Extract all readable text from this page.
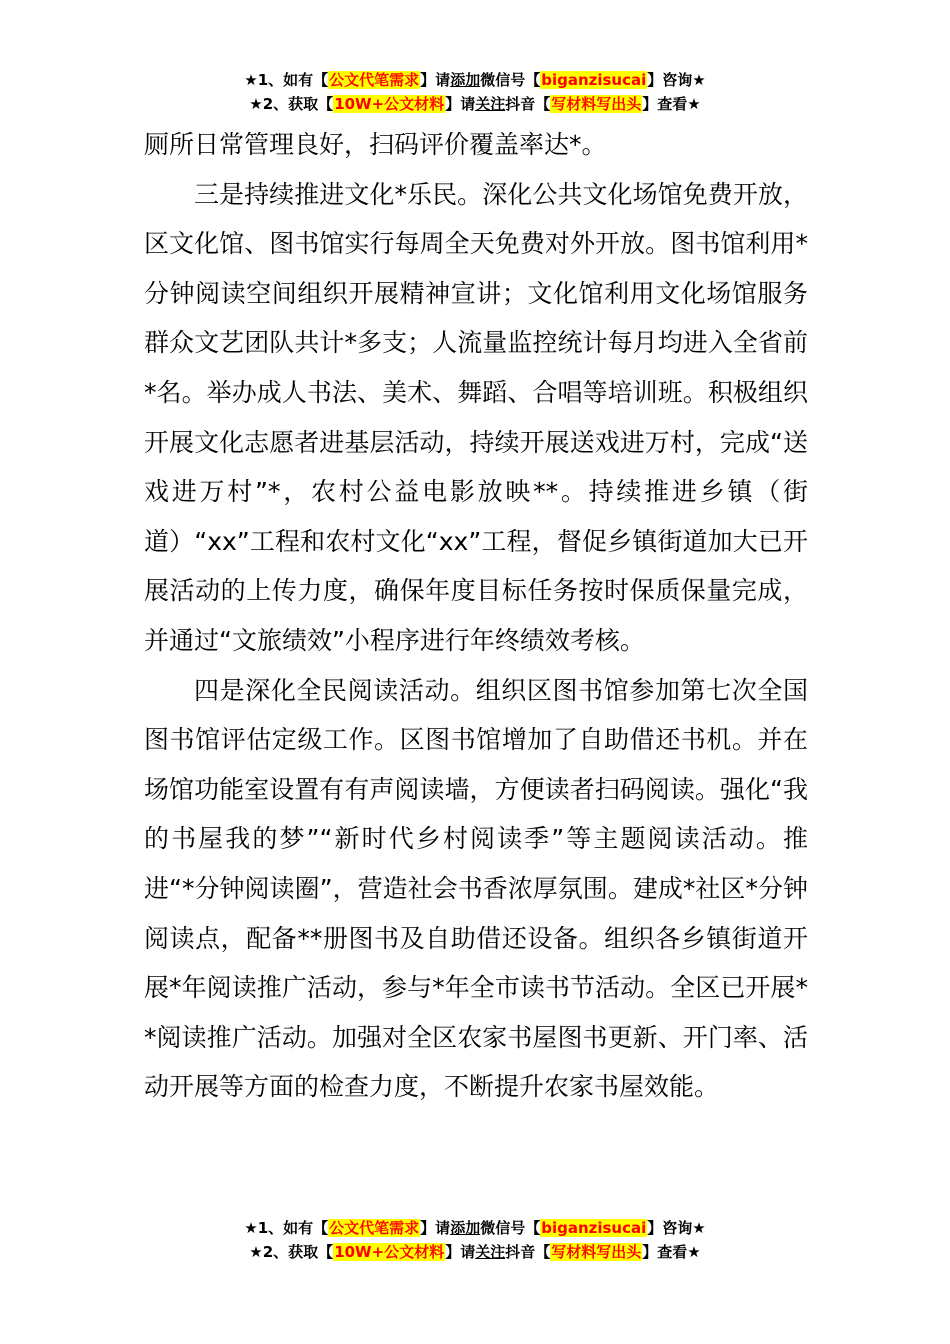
★1、如有【公文代笔需求】请添加微信号【biganzisucai】咨询★
★2、获取【10W+公文材料】请关注抖音【写材料写出头】查看★

厕所日常管理良好，扫码评价覆盖率达*。

三是持续推进文化*乐民。深化公共文化场馆免费开放，区文化馆、图书馆实行每周全天免费对外开放。图书馆利用*分钟阅读空间组织开展精神宣讲；文化馆利用文化场馆服务群众文艺团队共计*多支；人流量监控统计每月均进入全省前*名。举办成人书法、美术、舞蹈、合唱等培训班。积极组织开展文化志愿者进基层活动，持续开展送戏进万村，完成“送戏进万村”*，农村公益电影放映**。持续推进乡镇（街道）“xx”工程和农村文化“xx”工程，督促乡镇街道加大已开展活动的上传力度，确保年度目标任务按时保质保量完成，并通过“文旅绩效”小程序进行年终绩效考核。

四是深化全民阅读活动。组织区图书馆参加第七次全国图书馆评估定级工作。区图书馆增加了自助借还书机。并在场馆功能室设置有有声阅读墙，方便读者扫码阅读。强化“我的书屋我的梦”“新时代乡村阅读季”等主题阅读活动。推进“*分钟阅读圈”，营造社会书香浓厚氛围。建成*社区*分钟阅读点，配备**册图书及自助借还设备。组织各乡镇街道开展*年阅读推广活动，参与*年全市读书节活动。全区已开展**阅读推广活动。加强对全区农家书屋图书更新、开门率、活动开展等方面的检查力度，不断提升农家书屋效能。

★1、如有【公文代笔需求】请添加微信号【biganzisucai】咨询★
★2、获取【10W+公文材料】请关注抖音【写材料写出头】查看★
